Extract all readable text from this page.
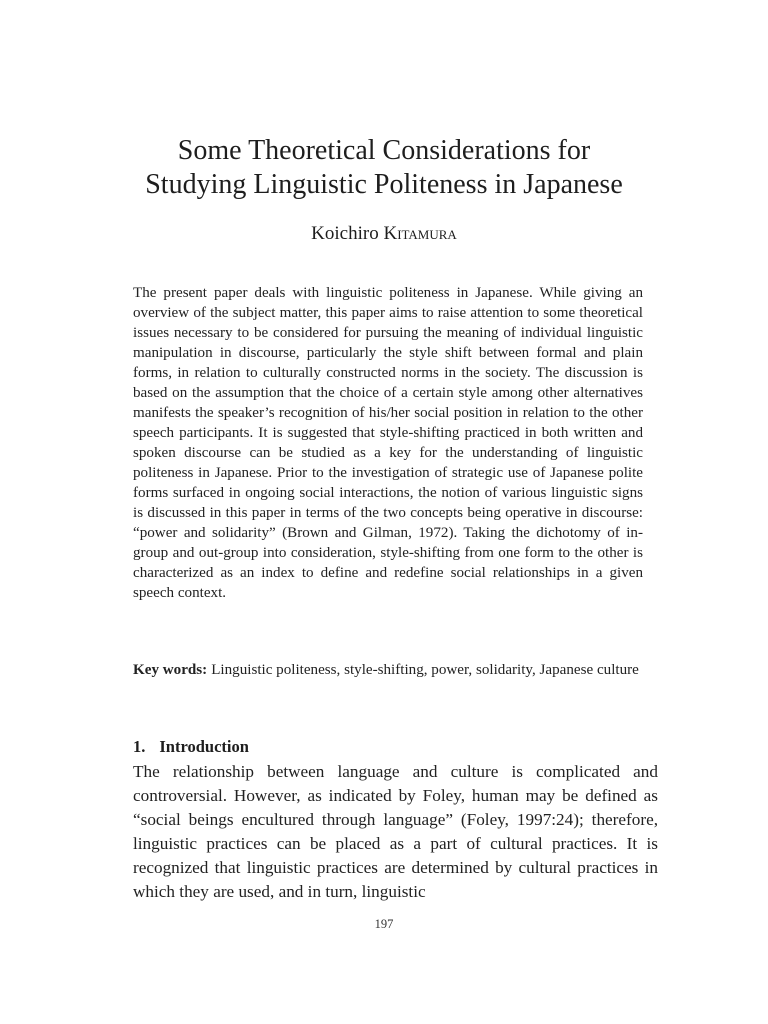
Some Theoretical Considerations for
Studying Linguistic Politeness in Japanese
Koichiro Kitamura

The present paper deals with linguistic politeness in Japanese. While giving an overview of the subject matter, this paper aims to raise attention to some theoretical issues necessary to be considered for pursuing the meaning of individual linguistic manipulation in discourse, particularly the style shift between formal and plain forms, in relation to culturally constructed norms in the society. The discussion is based on the assumption that the choice of a certain style among other alternatives manifests the speaker’s recognition of his/her social position in relation to the other speech participants. It is suggested that style-shifting practiced in both written and spoken discourse can be studied as a key for the understanding of linguistic politeness in Japanese. Prior to the investigation of strategic use of Japanese polite forms surfaced in ongoing social interactions, the notion of various linguistic signs is discussed in this paper in terms of the two concepts being operative in discourse: “power and solidarity” (Brown and Gilman, 1972). Taking the dichotomy of in-group and out-group into consideration, style-shifting from one form to the other is characterized as an index to define and redefine social relationships in a given speech context.

Key words: Linguistic politeness, style-shifting, power, solidarity, Japanese culture
1. Introduction

The relationship between language and culture is complicated and controversial. However, as indicated by Foley, human may be defined as “social beings encultured through language” (Foley, 1997:24); therefore, linguistic practices can be placed as a part of cultural practices. It is recognized that linguistic practices are determined by cultural practices in which they are used, and in turn, linguistic

197
